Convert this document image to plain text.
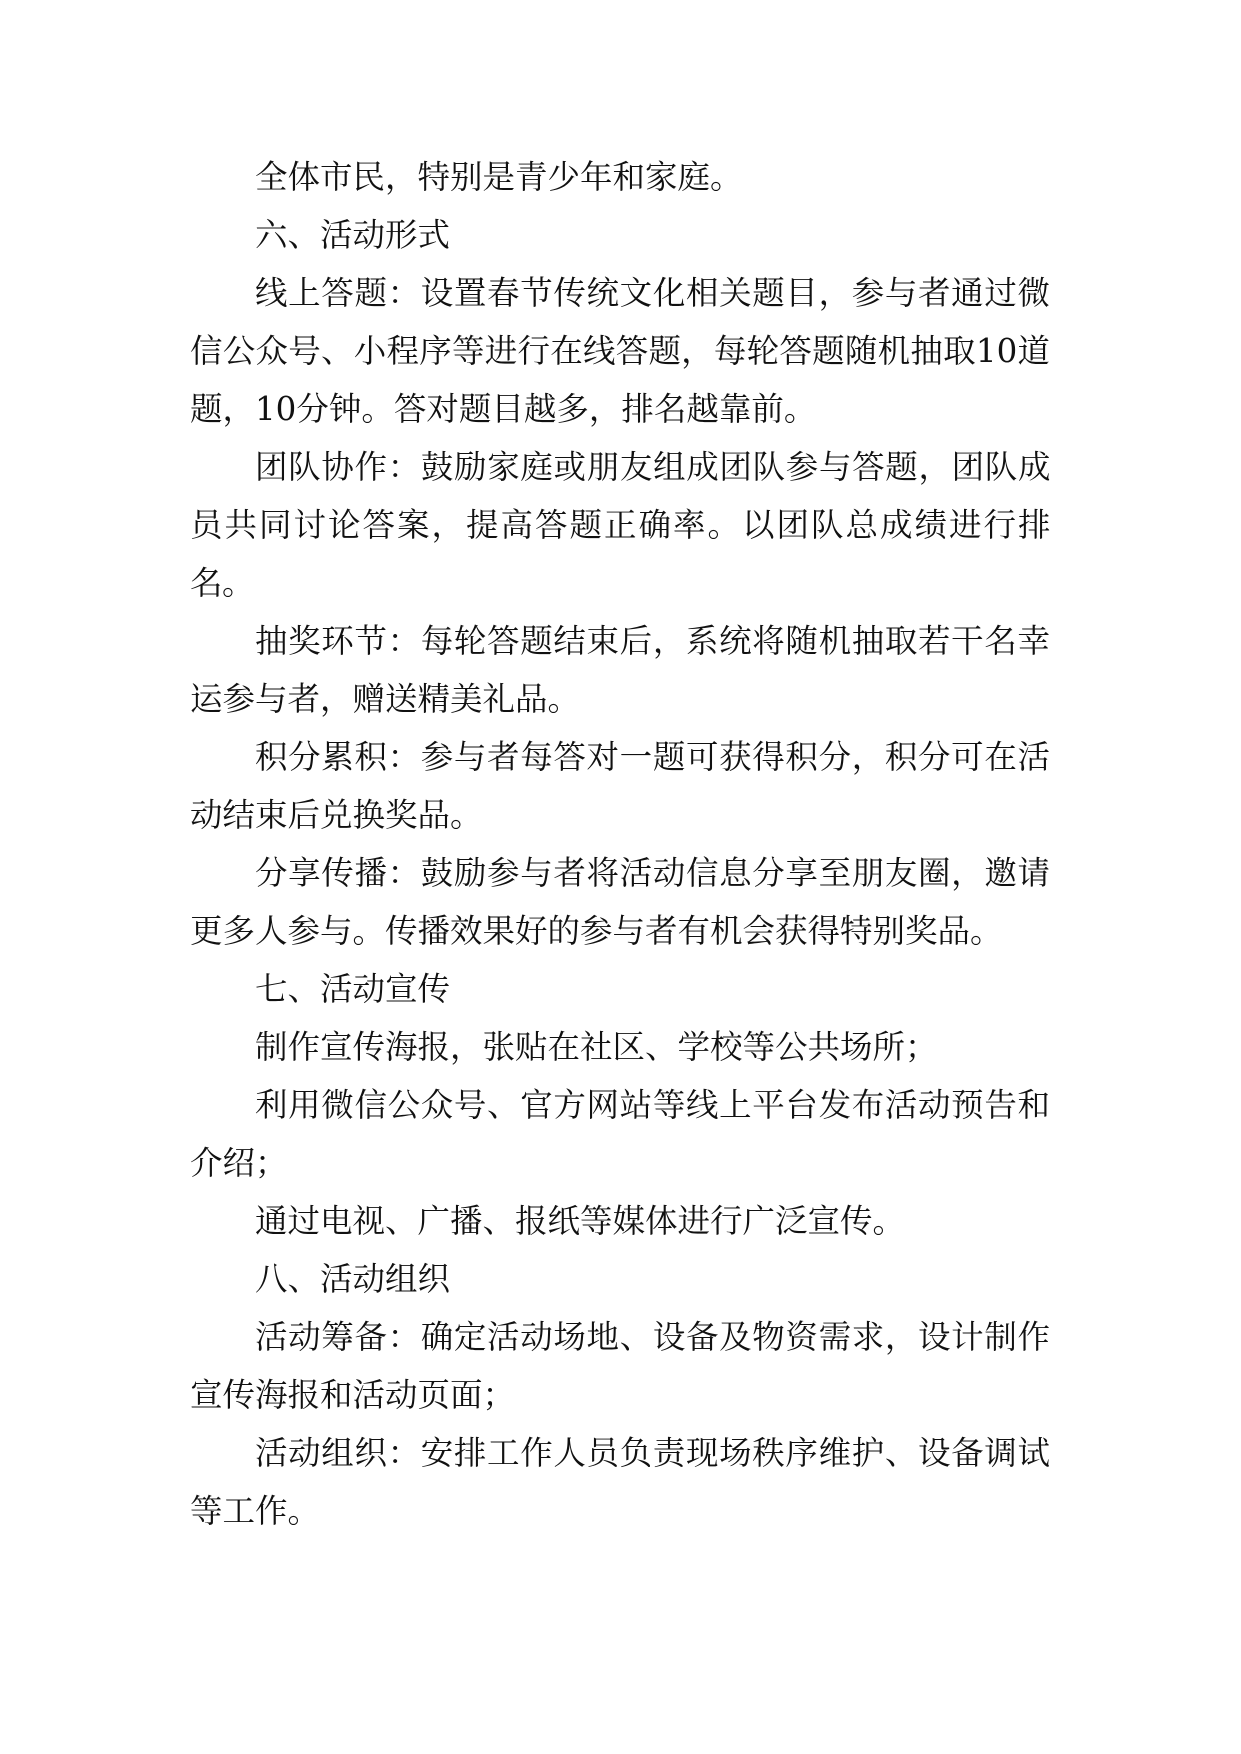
全体市民，特别是青少年和家庭。

六、活动形式

线上答题：设置春节传统文化相关题目，参与者通过微信公众号、小程序等进行在线答题，每轮答题随机抽取10道题，10分钟。答对题目越多，排名越靠前。

团队协作：鼓励家庭或朋友组成团队参与答题，团队成员共同讨论答案，提高答题正确率。以团队总成绩进行排名。

抽奖环节：每轮答题结束后，系统将随机抽取若干名幸运参与者，赠送精美礼品。

积分累积：参与者每答对一题可获得积分，积分可在活动结束后兑换奖品。

分享传播：鼓励参与者将活动信息分享至朋友圈，邀请更多人参与。传播效果好的参与者有机会获得特别奖品。

七、活动宣传

制作宣传海报，张贴在社区、学校等公共场所；

利用微信公众号、官方网站等线上平台发布活动预告和介绍；

通过电视、广播、报纸等媒体进行广泛宣传。

八、活动组织

活动筹备：确定活动场地、设备及物资需求，设计制作宣传海报和活动页面；

活动组织：安排工作人员负责现场秩序维护、设备调试等工作。
